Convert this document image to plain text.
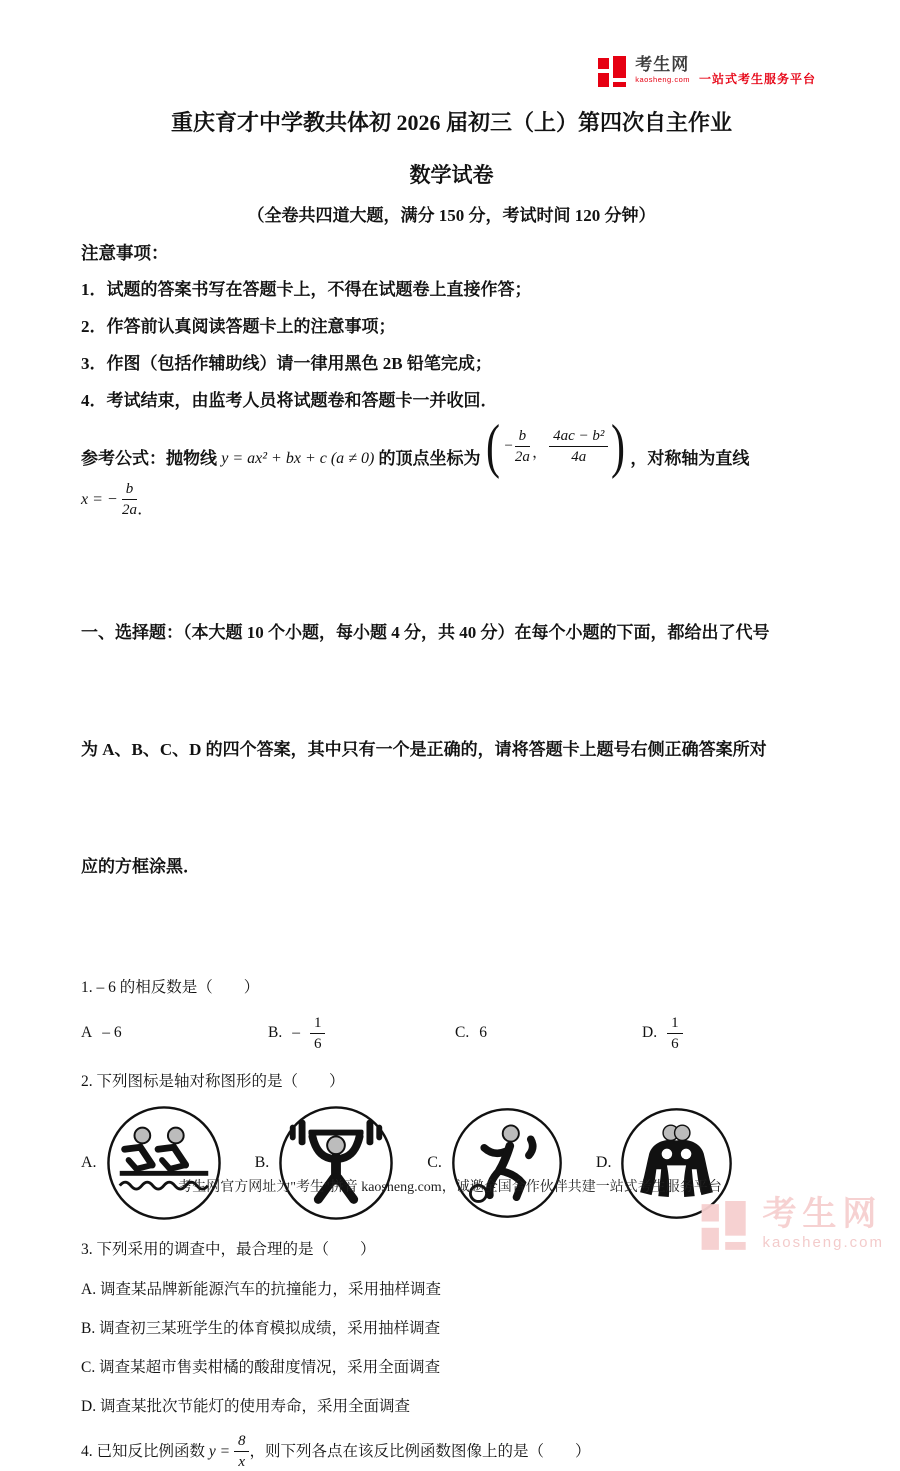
考生网
kaosheng.com 一站式考生服务平台
重庆育才中学教共体初 2026 届初三（上）第四次自主作业
数学试卷
（全卷共四道大题，满分 150 分，考试时间 120 分钟）
注意事项：
1．试题的答案书写在答题卡上，不得在试题卷上直接作答；
2．作答前认真阅读答题卡上的注意事项；
3．作图（包括作辅助线）请一律用黑色 2B 铅笔完成；
4．考试结束，由监考人员将试题卷和答题卡一并收回．
参考公式：抛物线 y = ax² + bx + c (a ≠ 0) 的顶点坐标为 ( − $\frac{b}{2a}$ ， $\frac{\text{4ac − b²}}{4a}$ ) ，对称轴为直线
x = − $\frac{b}{2a}$ ．

一、选择题：（本大题 10 个小题，每小题 4 分，共 40 分）在每个小题的下面，都给出了代号

为 A、B、C、D 的四个答案，其中只有一个是正确的，请将答题卡上题号右侧正确答案所对

应的方框涂黑．

1. – 6 的相反数是（　　）
A – 6	B. – $\frac{1}{6}$	C. 6	D. $\frac{1}{6}$
2. 下列图标是轴对称图形的是（　　）
A.	B.	C.	D.
3. 下列采用的调查中，最合理的是（　　）
A. 调查某品牌新能源汽车的抗撞能力，采用抽样调查
B. 调查初三某班学生的体育模拟成绩，采用抽样调查
C. 调查某超市售卖柑橘的酸甜度情况，采用全面调查
D. 调查某批次节能灯的使用寿命，采用全面调查
4. 已知反比例函数 $y = \frac{8}{x}$ ，则下列各点在该反比例函数图像上的是（　　）
考生网官方网址为"考生"拼音 kaosheng.com，诚邀全国合作伙伴共建一站式考生服务平台
考生网
kaosheng.com
